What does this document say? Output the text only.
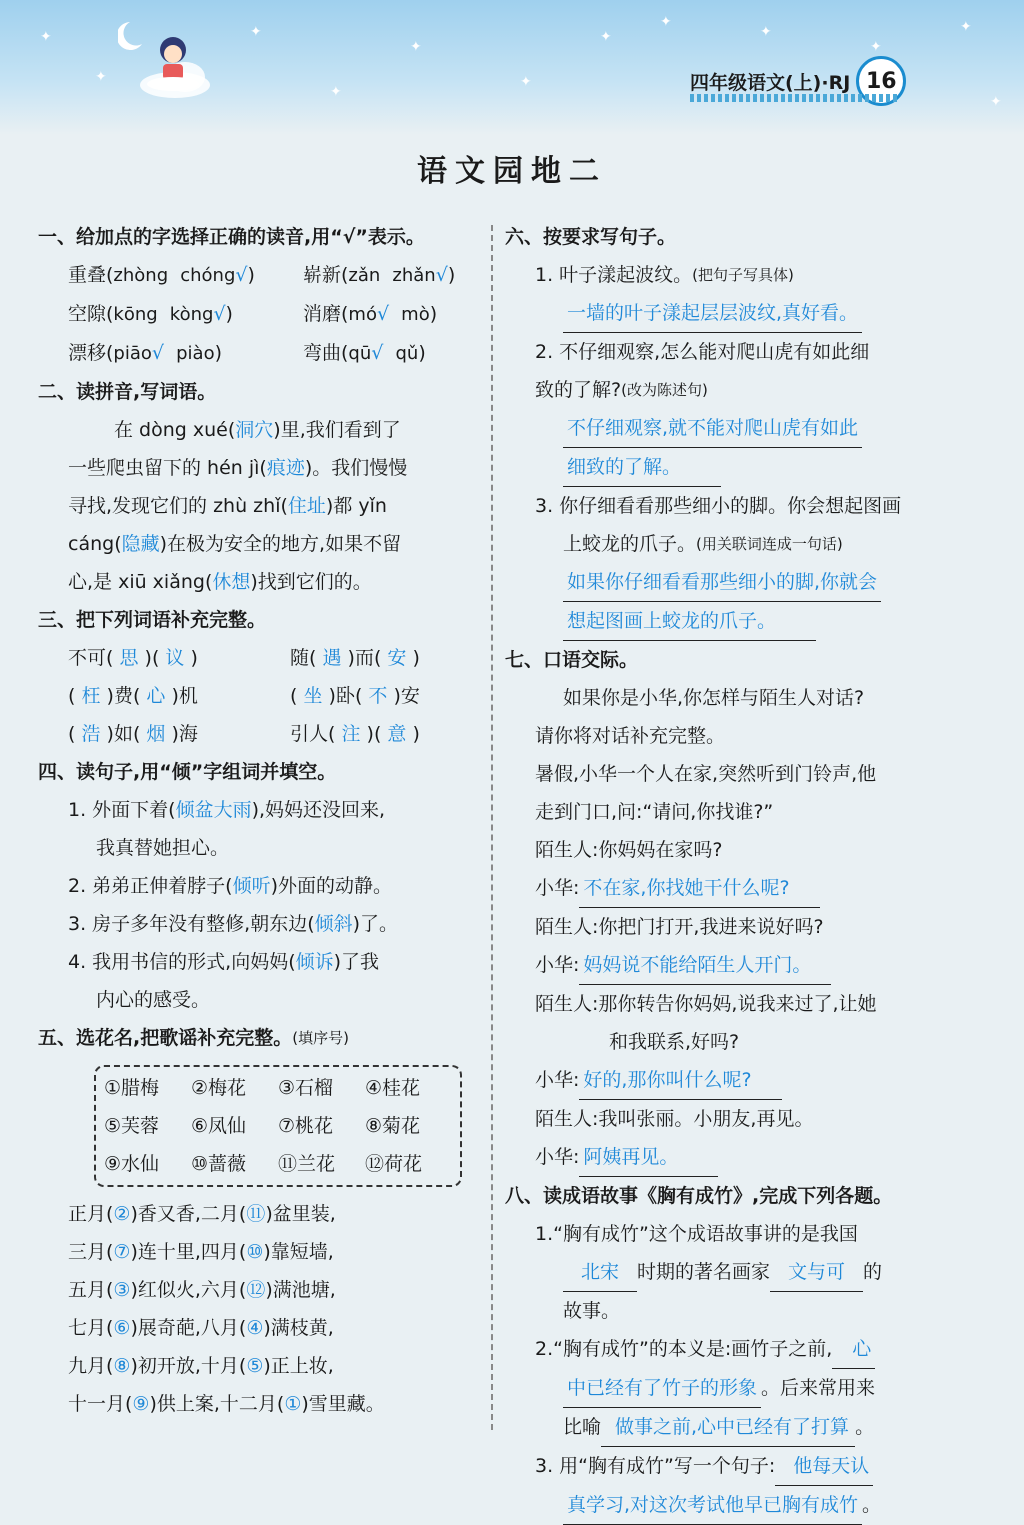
✦
✦
✦
✦
✦
✦
✦
✦
✦
✦
✦
✦
四年级语文(上)·RJ 16
语文园地二
一、给加点的字选择正确的读音,用“√”表示。
重叠(zhòng chóng√)	崭新(zǎn zhǎn√)
空隙(kōng kòng√)	消磨(mó√ mò)
漂移(piāo√ piào)	弯曲(qū√ qǔ)
二、读拼音,写词语。
在 dòng xué( 洞穴 )里,我们看到了
一些爬虫留下的 hén jì( 痕迹 )。我们慢慢
寻找,发现它们的 zhù zhǐ( 住址 )都 yǐn
cáng( 隐藏 )在极为安全的地方,如果不留
心,是 xiū xiǎng( 休想 )找到它们的。
三、把下列词语补充完整。
不可( 思 )( 议 )	随( 遇 )而( 安 )
( 枉 )费( 心 )机	( 坐 )卧( 不 )安
( 浩 )如( 烟 )海	引人( 注 )( 意 )
四、读句子,用“倾”字组词并填空。
1. 外面下着( 倾盆大雨 ),妈妈还没回来,
我真替她担心。
2. 弟弟正伸着脖子( 倾听 )外面的动静。
3. 房子多年没有整修,朝东边( 倾斜 )了。
4. 我用书信的形式,向妈妈( 倾诉 )了我
内心的感受。
五、选花名,把歌谣补充完整。 (填序号)
①腊梅	②梅花	③石榴	④桂花
⑤芙蓉	⑥凤仙	⑦桃花	⑧菊花
⑨水仙	⑩蔷薇	⑪兰花	⑫荷花
正月( ② )香又香,二月( ⑪ )盆里装,
三月( ⑦ )连十里,四月( ⑩ )靠短墙,
五月( ③ )红似火,六月( ⑫ )满池塘,
七月( ⑥ )展奇葩,八月( ④ )满枝黄,
九月( ⑧ )初开放,十月( ⑤ )正上妆,
十一月( ⑨ )供上案,十二月( ① )雪里藏。
六、按要求写句子。
1. 叶子漾起波纹。 (把句子写具体)
一墙的叶子漾起层层波纹,真好看。
2. 不仔细观察,怎么能对爬山虎有如此细
致的了解? (改为陈述句)
不仔细观察,就不能对爬山虎有如此
细致的了解。
3. 你仔细看看那些细小的脚。你会想起图画
上蛟龙的爪子。 (用关联词连成一句话)
如果你仔细看看那些细小的脚,你就会
想起图画上蛟龙的爪子。
七、口语交际。
如果你是小华,你怎样与陌生人对话?
请你将对话补充完整。
暑假,小华一个人在家,突然听到门铃声,他
走到门口,问:“请问,你找谁?”
陌生人:你妈妈在家吗?
小华: 不在家,你找她干什么呢?
陌生人:你把门打开,我进来说好吗?
小华: 妈妈说不能给陌生人开门。
陌生人:那你转告你妈妈,说我来过了,让她
和我联系,好吗?
小华: 好的,那你叫什么呢?
陌生人:我叫张丽。小朋友,再见。
小华: 阿姨再见。
八、读成语故事《胸有成竹》,完成下列各题。
1.“胸有成竹”这个成语故事讲的是我国
北宋 时期的著名画家 文与可 的
故事。
2.“胸有成竹”的本义是:画竹子之前,	心
中已经有了竹子的形象 。后来常用来
比喻 做事之前,心中已经有了打算 。
3. 用“胸有成竹”写一个句子: 他每天认
真学习,对这次考试他早已胸有成竹 。
